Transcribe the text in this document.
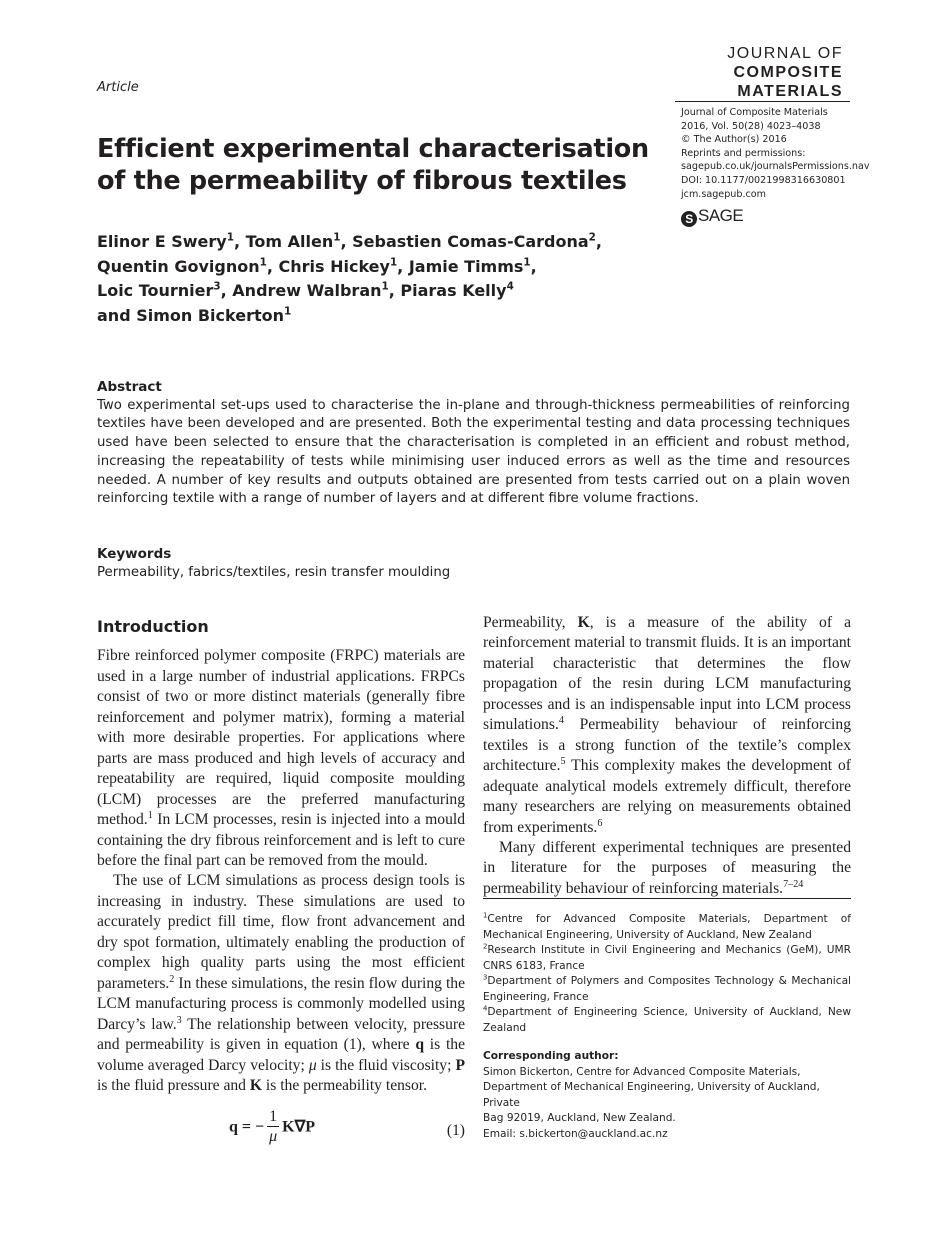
Article
JOURNAL OF
COMPOSITE
MATERIALS
Journal of Composite Materials
2016, Vol. 50(28) 4023–4038
© The Author(s) 2016
Reprints and permissions:
sagepub.co.uk/journalsPermissions.nav
DOI: 10.1177/0021998316630801
jcm.sagepub.com
S SAGE
Efficient experimental characterisation
of the permeability of fibrous textiles
Elinor E Swery$^1$, Tom Allen$^1$, Sebastien Comas-Cardona$^2$,
Quentin Govignon$^1$, Chris Hickey$^1$, Jamie Timms$^1$,
Loic Tournier$^3$, Andrew Walbran$^1$, Piaras Kelly$^4$
and Simon Bickerton$^1$
Abstract
Two experimental set-ups used to characterise the in-plane and through-thickness permeabilities of reinforcing textiles have been developed and are presented. Both the experimental testing and data processing techniques used have been selected to ensure that the characterisation is completed in an efficient and robust method, increasing the repeatability of tests while minimising user induced errors as well as the time and resources needed. A number of key results and outputs obtained are presented from tests carried out on a plain woven reinforcing textile with a range of number of layers and at different fibre volume fractions.
Keywords
Permeability, fabrics/textiles, resin transfer moulding
Introduction

Fibre reinforced polymer composite (FRPC) materials are used in a large number of industrial applications. FRPCs consist of two or more distinct materials (generally fibre reinforcement and polymer matrix), forming a material with more desirable properties. For applications where parts are mass produced and high levels of accuracy and repeatability are required, liquid composite moulding (LCM) processes are the preferred manufacturing method.$^1$ In LCM processes, resin is injected into a mould containing the dry fibrous reinforcement and is left to cure before the final part can be removed from the mould.

The use of LCM simulations as process design tools is increasing in industry. These simulations are used to accurately predict fill time, flow front advancement and dry spot formation, ultimately enabling the production of complex high quality parts using the most efficient parameters.$^2$ In these simulations, the resin flow during the LCM manufacturing process is commonly modelled using Darcy’s law.$^3$ The relationship between velocity, pressure and permeability is given in equation (1), where q is the volume averaged Darcy velocity; μ is the fluid viscosity; P is the fluid pressure and K is the permeability tensor.

q = − $\frac{1}{\mu} K\nabla P$	(1)

Permeability, K, is a measure of the ability of a reinforcement material to transmit fluids. It is an important material characteristic that determines the flow propagation of the resin during LCM manufacturing processes and is an indispensable input into LCM process simulations.$^4$ Permeability behaviour of reinforcing textiles is a strong function of the textile’s complex architecture.$^5$ This complexity makes the development of adequate analytical models extremely difficult, therefore many researchers are relying on measurements obtained from experiments.$^6$

Many different experimental techniques are presented in literature for the purposes of measuring the permeability behaviour of reinforcing materials.$^{7-24}$

$^1$Centre for Advanced Composite Materials, Department of Mechanical Engineering, University of Auckland, New Zealand

$^2$Research Institute in Civil Engineering and Mechanics (GeM), UMR CNRS 6183, France

$^3$Department of Polymers and Composites Technology & Mechanical Engineering, France

$^4$Department of Engineering Science, University of Auckland, New Zealand

Corresponding author:
Simon Bickerton, Centre for Advanced Composite Materials,
Department of Mechanical Engineering, University of Auckland, Private
Bag 92019, Auckland, New Zealand.
Email: s.bickerton@auckland.ac.nz
